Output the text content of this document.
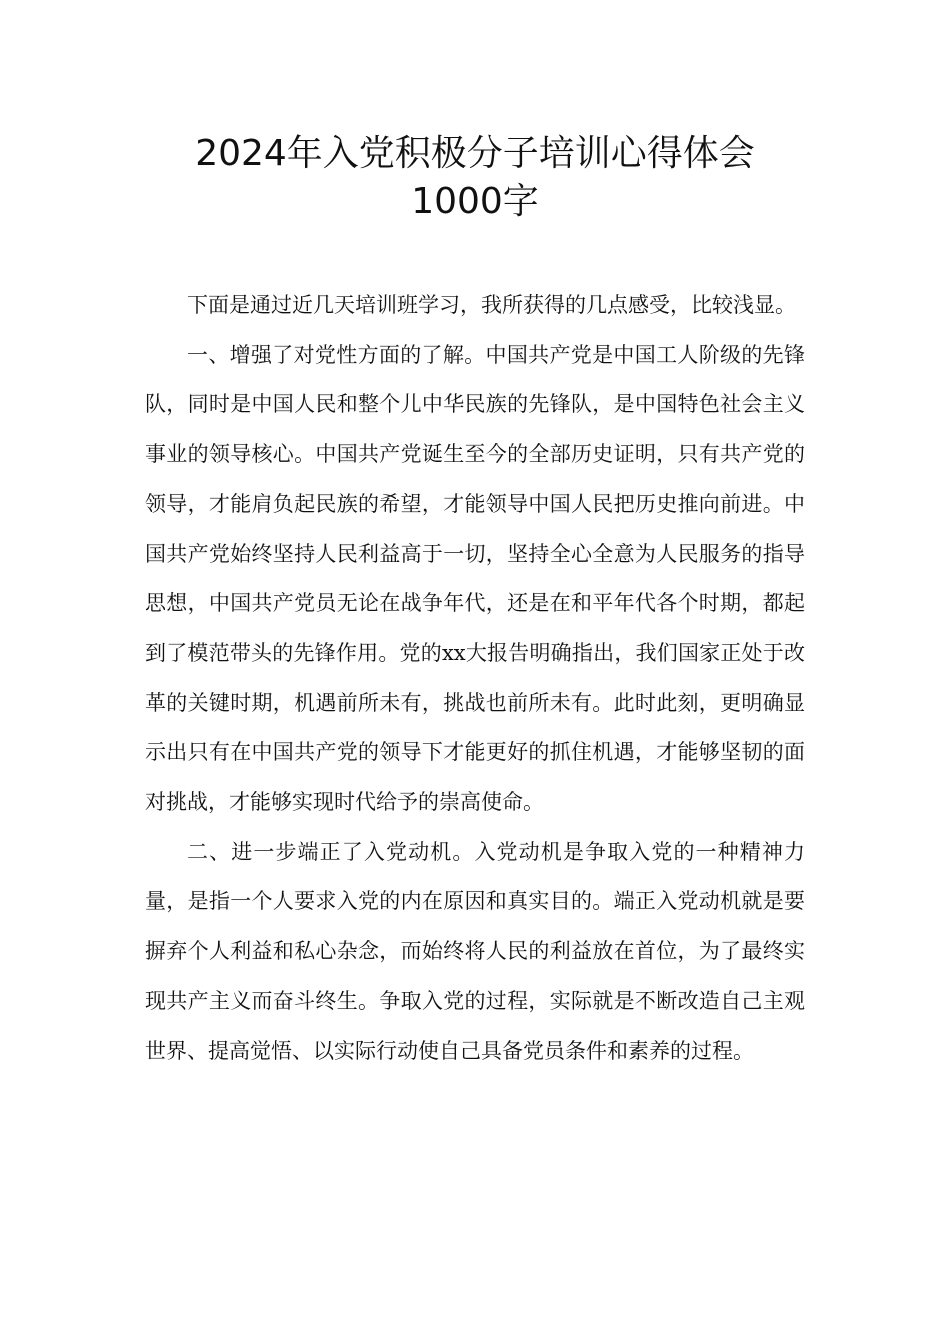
2024年入党积极分子培训心得体会
1000字

下面是通过近几天培训班学习，我所获得的几点感受，比较浅显。

一、增强了对党性方面的了解。中国共产党是中国工人阶级的先锋队，同时是中国人民和整个儿中华民族的先锋队，是中国特色社会主义事业的领导核心。中国共产党诞生至今的全部历史证明，只有共产党的领导，才能肩负起民族的希望，才能领导中国人民把历史推向前进。中国共产党始终坚持人民利益高于一切，坚持全心全意为人民服务的指导思想，中国共产党员无论在战争年代，还是在和平年代各个时期，都起到了模范带头的先锋作用。党的xx大报告明确指出，我们国家正处于改革的关键时期，机遇前所未有，挑战也前所未有。此时此刻，更明确显示出只有在中国共产党的领导下才能更好的抓住机遇，才能够坚韧的面对挑战，才能够实现时代给予的崇高使命。

二、进一步端正了入党动机。入党动机是争取入党的一种精神力量，是指一个人要求入党的内在原因和真实目的。端正入党动机就是要摒弃个人利益和私心杂念，而始终将人民的利益放在首位，为了最终实现共产主义而奋斗终生。争取入党的过程，实际就是不断改造自己主观世界、提高觉悟、以实际行动使自己具备党员条件和素养的过程。
